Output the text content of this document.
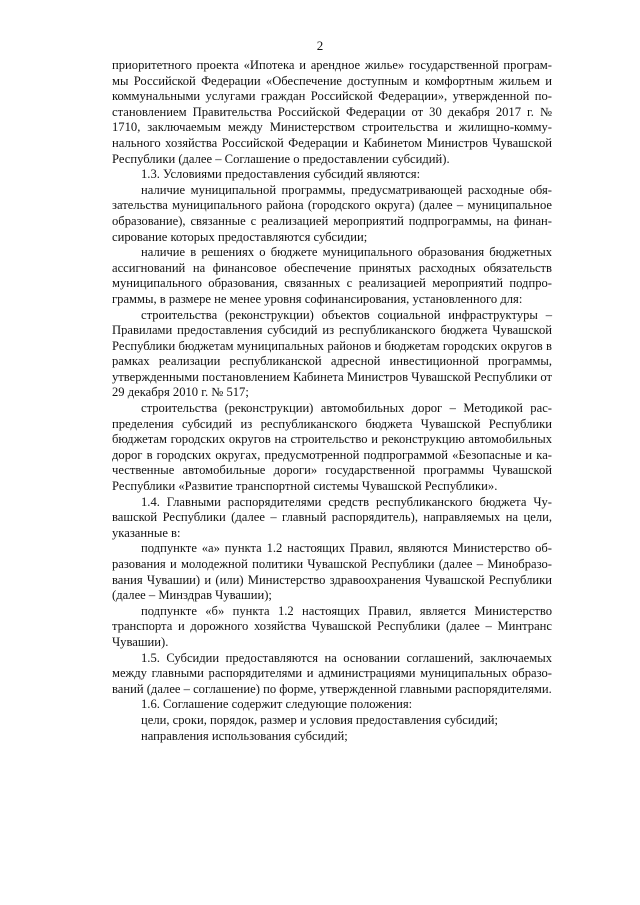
2

приоритетного проекта «Ипотека и арендное жилье» государственной программы Российской Федерации «Обеспечение доступным и комфортным жильем и коммунальными услугами граждан Российской Федерации», утвержденной постановлением Правительства Российской Федерации от 30 декабря 2017 г. № 1710, заключаемым между Министерством строительства и жилищно-коммунального хозяйства Российской Федерации и Кабинетом Министров Чувашской Республики (далее – Соглашение о предоставлении субсидий).

1.3. Условиями предоставления субсидий являются:

наличие муниципальной программы, предусматривающей расходные обязательства муниципального района (городского округа) (далее – муниципальное образование), связанные с реализацией мероприятий подпрограммы, на финансирование которых предоставляются субсидии;

наличие в решениях о бюджете муниципального образования бюджетных ассигнований на финансовое обеспечение принятых расходных обязательств муниципального образования, связанных с реализацией мероприятий подпрограммы, в размере не менее уровня софинансирования, установленного для:

строительства (реконструкции) объектов социальной инфраструктуры – Правилами предоставления субсидий из республиканского бюджета Чувашской Республики бюджетам муниципальных районов и бюджетам городских округов в рамках реализации республиканской адресной инвестиционной программы, утвержденными постановлением Кабинета Министров Чувашской Республики от 29 декабря 2010 г. № 517;

строительства (реконструкции) автомобильных дорог – Методикой распределения субсидий из республиканского бюджета Чувашской Республики бюджетам городских округов на строительство и реконструкцию автомобильных дорог в городских округах, предусмотренной подпрограммой «Безопасные и качественные автомобильные дороги» государственной программы Чувашской Республики «Развитие транспортной системы Чувашской Республики».

1.4. Главными распорядителями средств республиканского бюджета Чувашской Республики (далее – главный распорядитель), направляемых на цели, указанные в:

подпункте «а» пункта 1.2 настоящих Правил, являются Министерство образования и молодежной политики Чувашской Республики (далее – Минобразования Чувашии) и (или) Министерство здравоохранения Чувашской Республики (далее – Минздрав Чувашии);

подпункте «б» пункта 1.2 настоящих Правил, является Министерство транспорта и дорожного хозяйства Чувашской Республики (далее – Минтранс Чувашии).

1.5. Субсидии предоставляются на основании соглашений, заключаемых между главными распорядителями и администрациями муниципальных образований (далее – соглашение) по форме, утвержденной главными распорядителями.

1.6. Соглашение содержит следующие положения:

цели, сроки, порядок, размер и условия предоставления субсидий;

направления использования субсидий;
